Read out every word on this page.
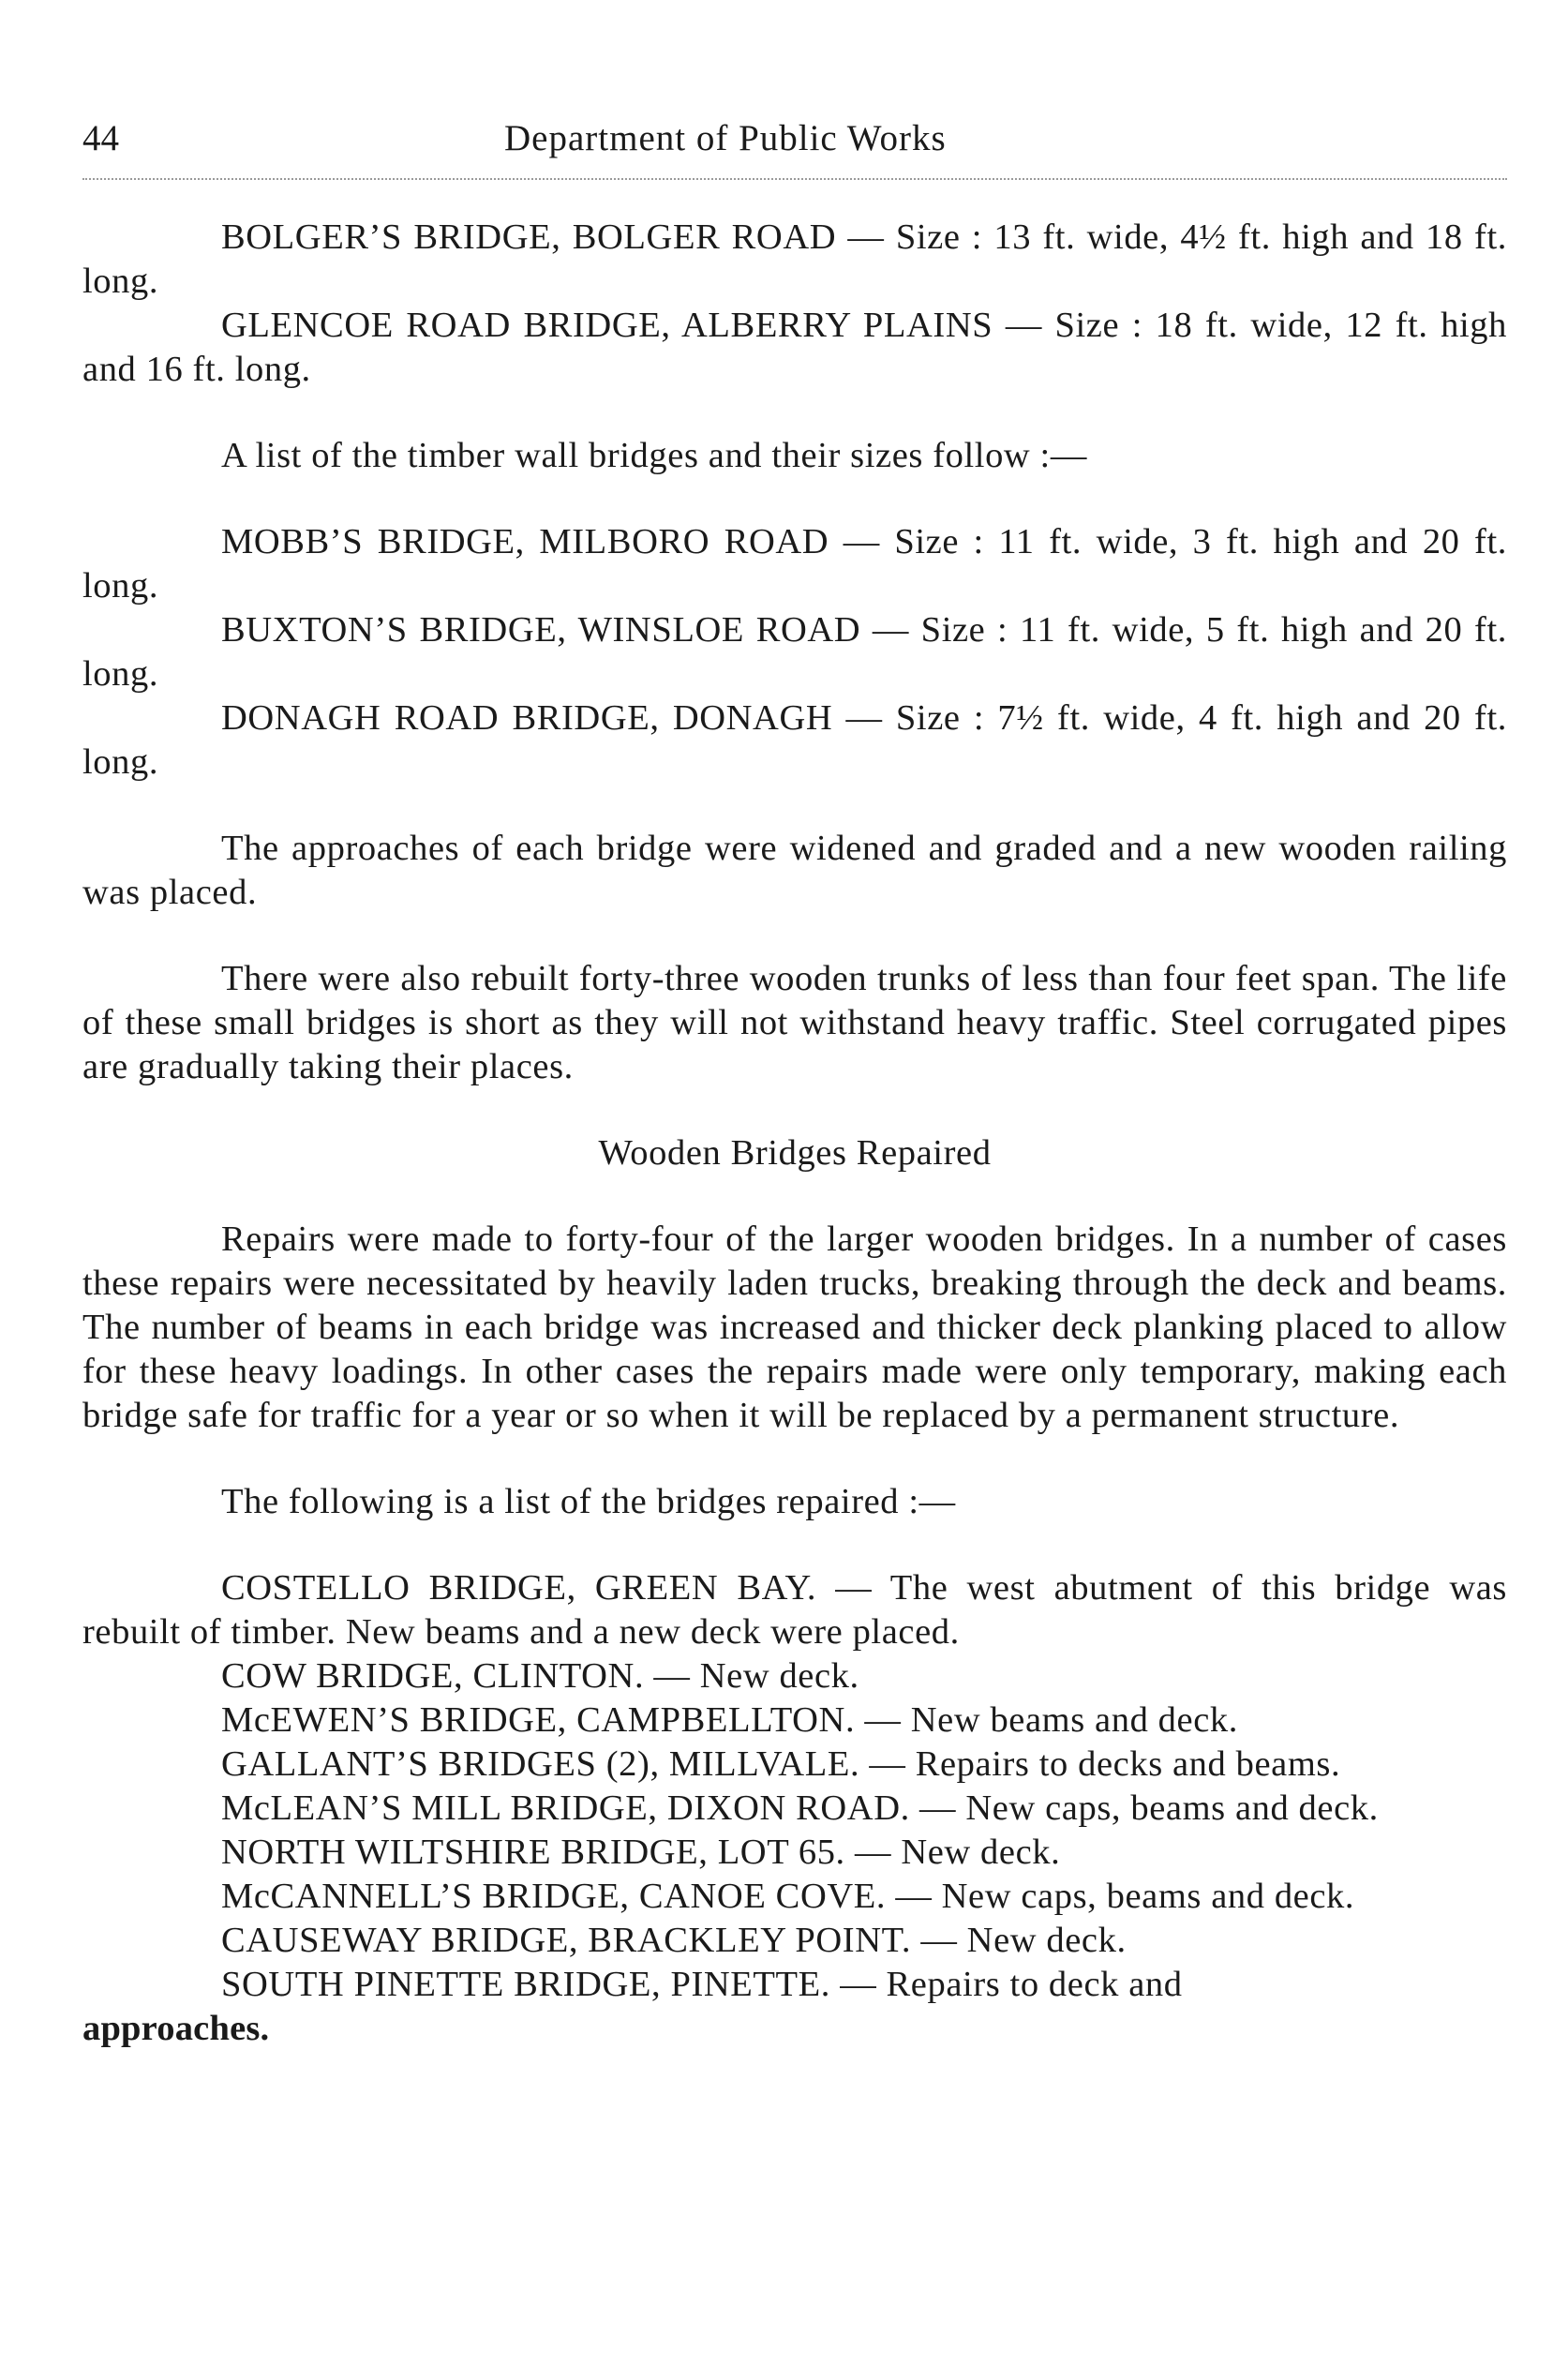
44	Department of Public Works

BOLGER’S BRIDGE, BOLGER ROAD — Size : 13 ft. wide, 4½ ft. high and 18 ft. long.

GLENCOE ROAD BRIDGE, ALBERRY PLAINS — Size : 18 ft. wide, 12 ft. high and 16 ft. long.

A list of the timber wall bridges and their sizes follow :—

MOBB’S BRIDGE, MILBORO ROAD — Size : 11 ft. wide, 3 ft. high and 20 ft. long.

BUXTON’S BRIDGE, WINSLOE ROAD — Size : 11 ft. wide, 5 ft. high and 20 ft. long.

DONAGH ROAD BRIDGE, DONAGH — Size : 7½ ft. wide, 4 ft. high and 20 ft. long.

The approaches of each bridge were widened and graded and a new wooden railing was placed.

There were also rebuilt forty-three wooden trunks of less than four feet span. The life of these small bridges is short as they will not withstand heavy traffic. Steel corrugated pipes are gradually taking their places.

Wooden Bridges Repaired

Repairs were made to forty-four of the larger wooden bridges. In a number of cases these repairs were necessitated by heavily laden trucks, breaking through the deck and beams. The number of beams in each bridge was increased and thicker deck planking placed to allow for these heavy loadings. In other cases the repairs made were only temporary, making each bridge safe for traffic for a year or so when it will be replaced by a permanent structure.

The following is a list of the bridges repaired :—

COSTELLO BRIDGE, GREEN BAY. — The west abutment of this bridge was rebuilt of timber. New beams and a new deck were placed.

COW BRIDGE, CLINTON. — New deck.

McEWEN’S BRIDGE, CAMPBELLTON. — New beams and deck.

GALLANT’S BRIDGES (2), MILLVALE. — Repairs to decks and beams.

McLEAN’S MILL BRIDGE, DIXON ROAD. — New caps, beams and deck.

NORTH WILTSHIRE BRIDGE, LOT 65. — New deck.

McCANNELL’S BRIDGE, CANOE COVE. — New caps, beams and deck.

CAUSEWAY BRIDGE, BRACKLEY POINT. — New deck.

SOUTH PINETTE BRIDGE, PINETTE. — Repairs to deck and

approaches.
